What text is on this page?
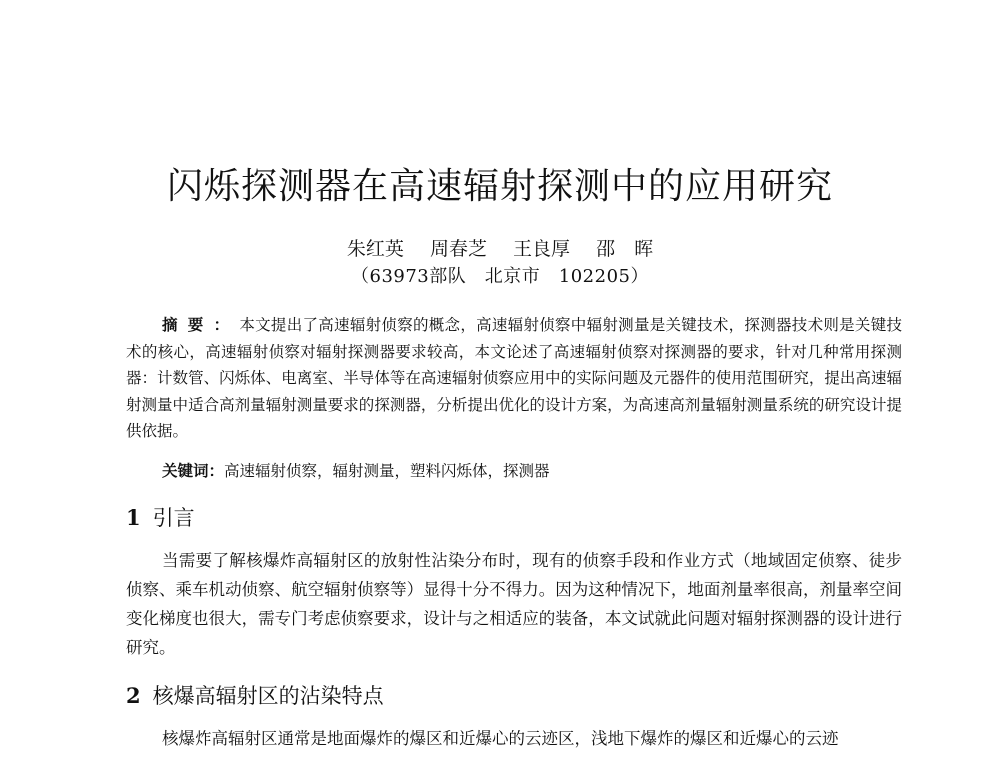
闪烁探测器在高速辐射探测中的应用研究
朱红英 周春芝 王良厚 邵　晖
（63973部队　北京市　102205）

摘要：本文提出了高速辐射侦察的概念，高速辐射侦察中辐射测量是关键技术，探测器技术则是关键技术的核心，高速辐射侦察对辐射探测器要求较高，本文论述了高速辐射侦察对探测器的要求，针对几种常用探测器：计数管、闪烁体、电离室、半导体等在高速辐射侦察应用中的实际问题及元器件的使用范围研究，提出高速辐射测量中适合高剂量辐射测量要求的探测器，分析提出优化的设计方案，为高速高剂量辐射测量系统的研究设计提供依据。

关键词：高速辐射侦察，辐射测量，塑料闪烁体，探测器

1 引言

当需要了解核爆炸高辐射区的放射性沾染分布时，现有的侦察手段和作业方式（地域固定侦察、徒步侦察、乘车机动侦察、航空辐射侦察等）显得十分不得力。因为这种情况下，地面剂量率很高，剂量率空间变化梯度也很大，需专门考虑侦察要求，设计与之相适应的装备，本文试就此问题对辐射探测器的设计进行研究。

2 核爆高辐射区的沾染特点

核爆炸高辐射区通常是地面爆炸的爆区和近爆心的云迹区，浅地下爆炸的爆区和近爆心的云迹
